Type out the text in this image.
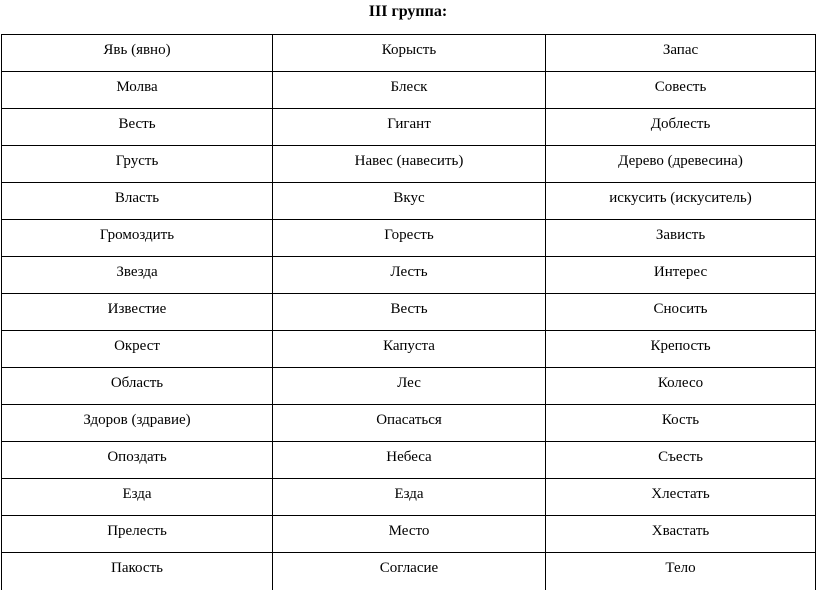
III группа:
Явь (явно)	Корысть	Запас
Молва	Блеск	Совесть
Весть	Гигант	Доблесть
Грусть	Навес (навесить)	Дерево (древесина)
Власть	Вкус	искусить (искуситель)
Громоздить	Горесть	Зависть
Звезда	Лесть	Интерес
Известие	Весть	Сносить
Окрест	Капуста	Крепость
Область	Лес	Колесо
Здоров (здравие)	Опасаться	Кость
Опоздать	Небеса	Съесть
Езда	Езда	Хлестать
Прелесть	Место	Хвастать
Пакость	Согласие	Тело
